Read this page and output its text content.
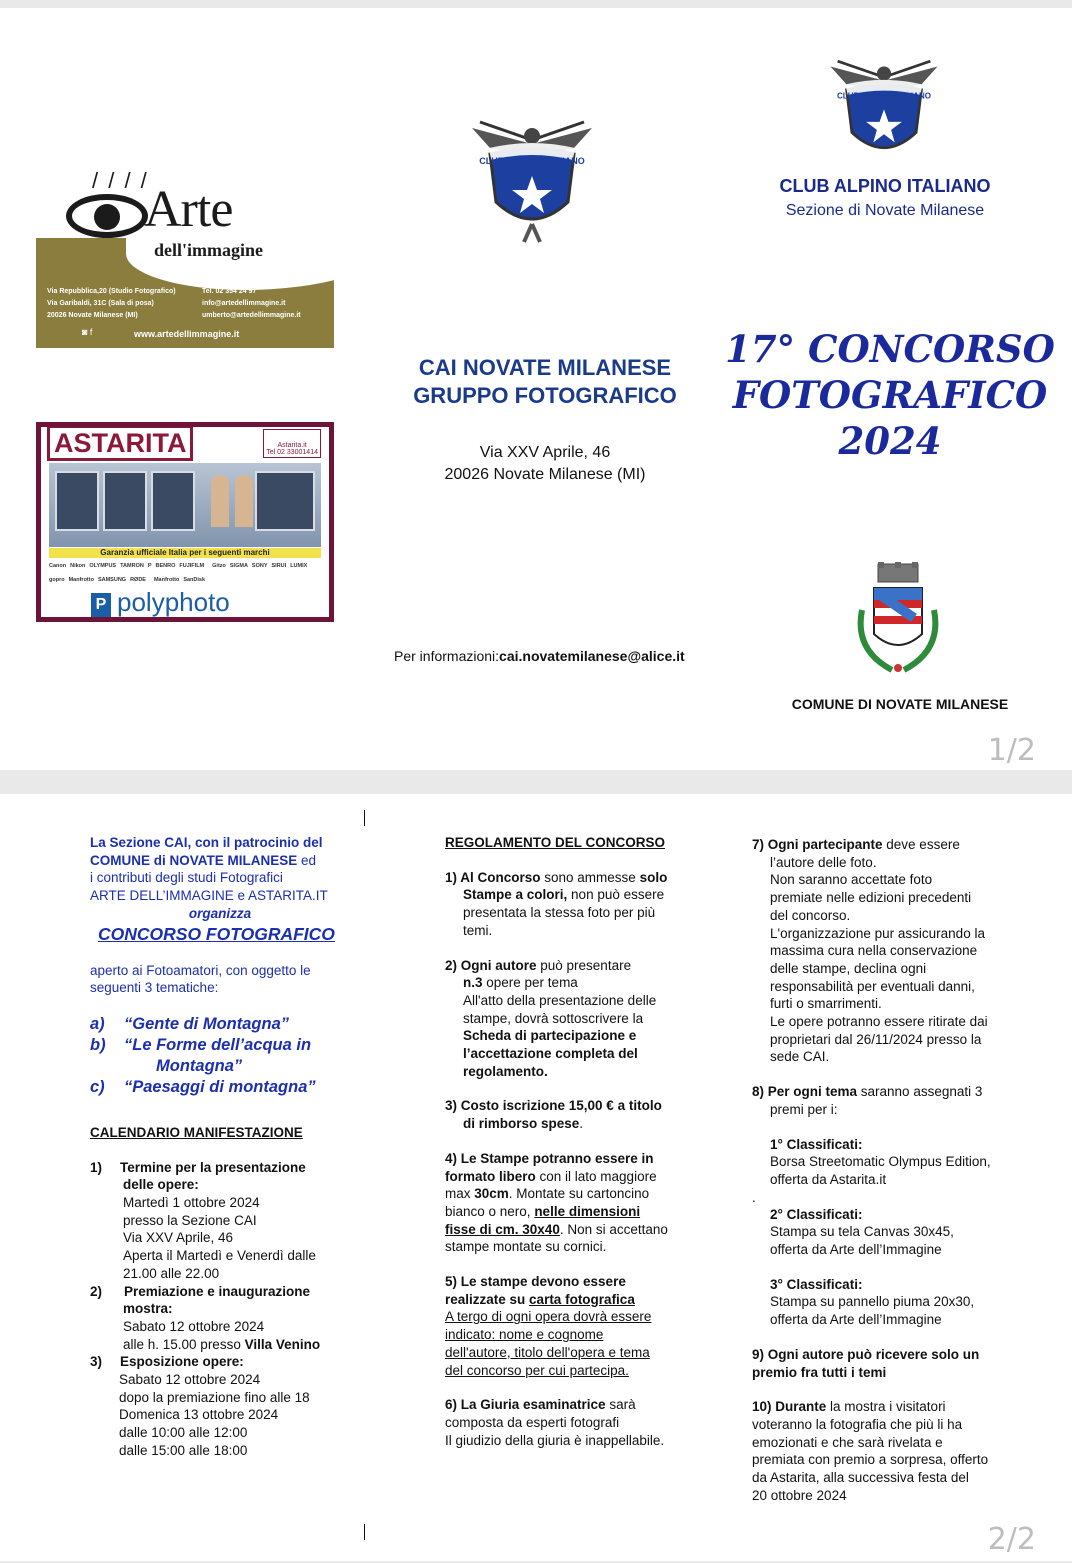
/ / / /
Arte
dell'immagine
Studio fotografico
Via Repubblica,20 (Studio Fotografico)
Via Garibaldi, 31C (Sala di posa)
20026 Novate Milanese (MI)
Tel. 02 354 24 97
info@artedellimmagine.it
umberto@artedellimmagine.it
◙ f	www.artedellimmagine.it
ASTARITA	Astarita.it
Tel 02 33001414
Garanzia ufficiale Italia per i seguenti marchi
Canon Nikon OLYMPUS TAMRON P BENRO FUJIFILM Gitzo SIGMA SONY SIRUI LUMIX
gopro Manfrotto SAMSUNG RØDE Manfrotto SanDisk
P polyphoto
CLUB ALPINO ITALIANO
CLUB ALPINO ITALIANO
CLUB ALPINO ITALIANO
Sezione di Novate Milanese
CAI NOVATE MILANESE
GRUPPO FOTOGRAFICO
Via XXV Aprile, 46
20026 Novate Milanese (MI)
17° CONCORSO
FOTOGRAFICO
2024
Per informazioni:cai.novatemilanese@alice.it
COMUNE DI NOVATE MILANESE
1/2
2/2
La Sezione CAI, con il patrocinio del
COMUNE di NOVATE MILANESE ed
i contributi degli studi Fotografici
ARTE DELL’IMMAGINE e ASTARITA.IT
organizza
CONCORSO FOTOGRAFICO
aperto ai Fotoamatori, con oggetto le
seguenti 3 tematiche:
a)	“Gente di Montagna”
b)	“Le Forme dell’acqua in
Montagna”
c)	“Paesaggi di montagna”
CALENDARIO MANIFESTAZIONE
1)	Termine per la presentazione
delle opere:
Martedì 1 ottobre 2024
presso la Sezione CAI
Via XXV Aprile, 46
Aperta il Martedì e Venerdì dalle
21.00 alle 22.00
2)	Premiazione e inaugurazione
mostra:
Sabato 12 ottobre 2024
alle h. 15.00 presso Villa Venino
3)	Esposizione opere:
Sabato 12 ottobre 2024
dopo la premiazione fino alle 18
Domenica 13 ottobre 2024
dalle 10:00 alle 12:00
dalle 15:00 alle 18:00
REGOLAMENTO DEL CONCORSO
1) Al Concorso sono ammesse solo
Stampe a colori, non può essere
presentata la stessa foto per più
temi.
2) Ogni autore può presentare
n.3 opere per tema
All'atto della presentazione delle
stampe, dovrà sottoscrivere la
Scheda di partecipazione e
l’accettazione completa del
regolamento.
3) Costo iscrizione 15,00 € a titolo
di rimborso spese.
4) Le Stampe potranno essere in
formato libero con il lato maggiore
max 30cm. Montate su cartoncino
bianco o nero, nelle dimensioni
fisse di cm. 30x40. Non si accettano
stampe montate su cornici.
5) Le stampe devono essere
realizzate su carta fotografica
A tergo di ogni opera dovrà essere
indicato: nome e cognome
dell'autore, titolo dell'opera e tema
del concorso per cui partecipa.
6) La Giuria esaminatrice sarà
composta da esperti fotografi
Il giudizio della giuria è inappellabile.
7) Ogni partecipante deve essere
l’autore delle foto.
Non saranno accettate foto
premiate nelle edizioni precedenti
del concorso.
L'organizzazione pur assicurando la
massima cura nella conservazione
delle stampe, declina ogni
responsabilità per eventuali danni,
furti o smarrimenti.
Le opere potranno essere ritirate dai
proprietari dal 26/11/2024 presso la
sede CAI.
8) Per ogni tema saranno assegnati 3
premi per i:
1° Classificati:
Borsa Streetomatic Olympus Edition,
offerta da Astarita.it
.
2° Classificati:
Stampa su tela Canvas 30x45,
offerta da Arte dell’Immagine
3° Classificati:
Stampa su pannello piuma 20x30,
offerta da Arte dell’Immagine
9) Ogni autore può ricevere solo un
premio fra tutti i temi
10) Durante la mostra i visitatori
voteranno la fotografia che più li ha
emozionati e che sarà rivelata e
premiata con premio a sorpresa, offerto
da Astarita, alla successiva festa del
20 ottobre 2024
